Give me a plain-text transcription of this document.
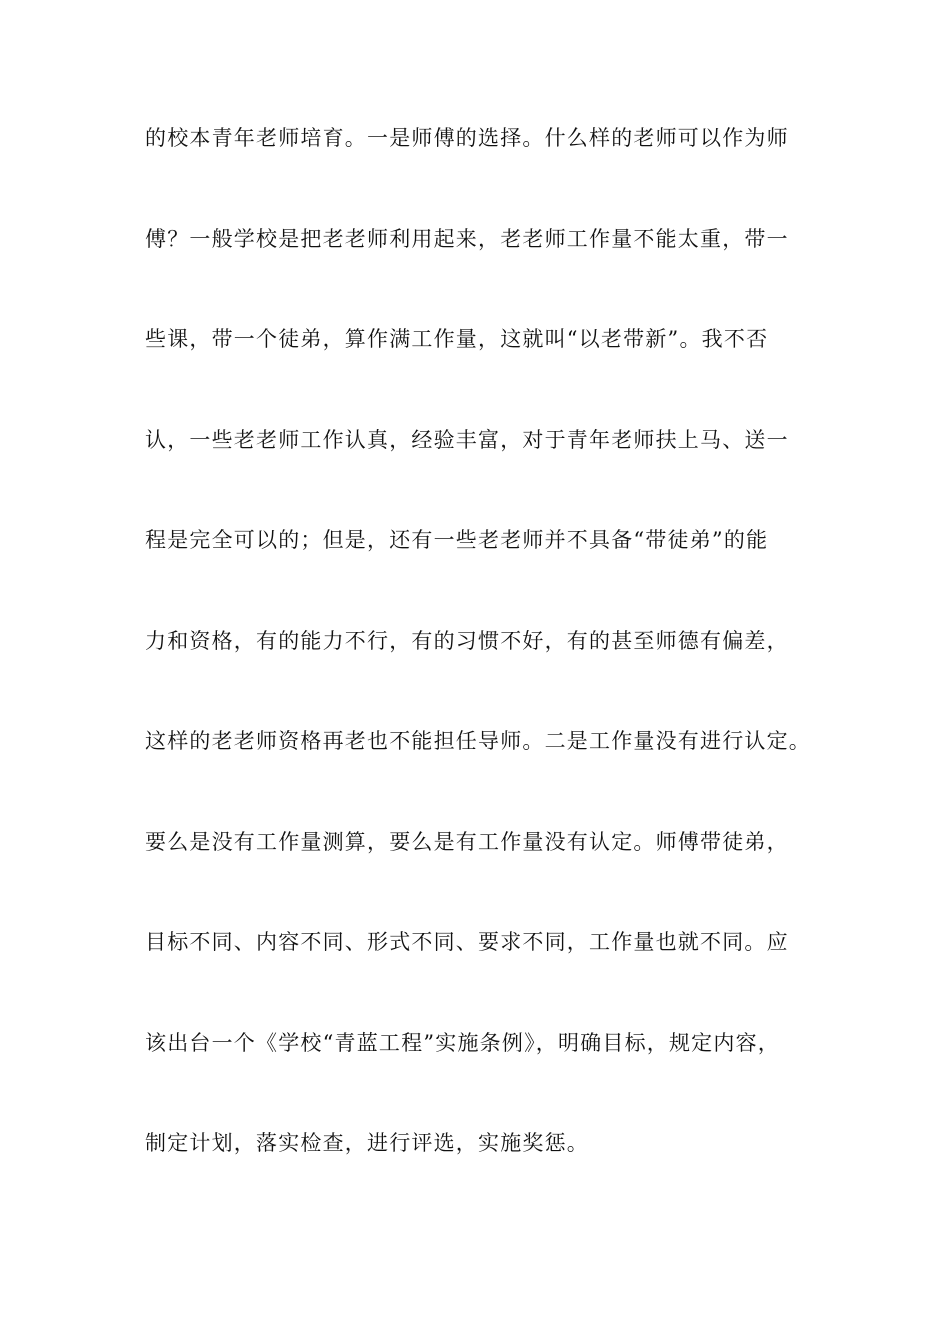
的校本青年老师培育。一是师傅的选择。什么样的老师可以作为师
傅？一般学校是把老老师利用起来，老老师工作量不能太重，带一
些课，带一个徒弟，算作满工作量，这就叫“以老带新”。我不否
认，一些老老师工作认真，经验丰富，对于青年老师扶上马、送一
程是完全可以的；但是，还有一些老老师并不具备“带徒弟”的能
力和资格，有的能力不行，有的习惯不好，有的甚至师德有偏差，
这样的老老师资格再老也不能担任导师。二是工作量没有进行认定。
要么是没有工作量测算，要么是有工作量没有认定。师傅带徒弟，
目标不同、内容不同、形式不同、要求不同，工作量也就不同。应
该出台一个《学校“青蓝工程”实施条例》，明确目标，规定内容，
制定计划，落实检查，进行评选，实施奖惩。
